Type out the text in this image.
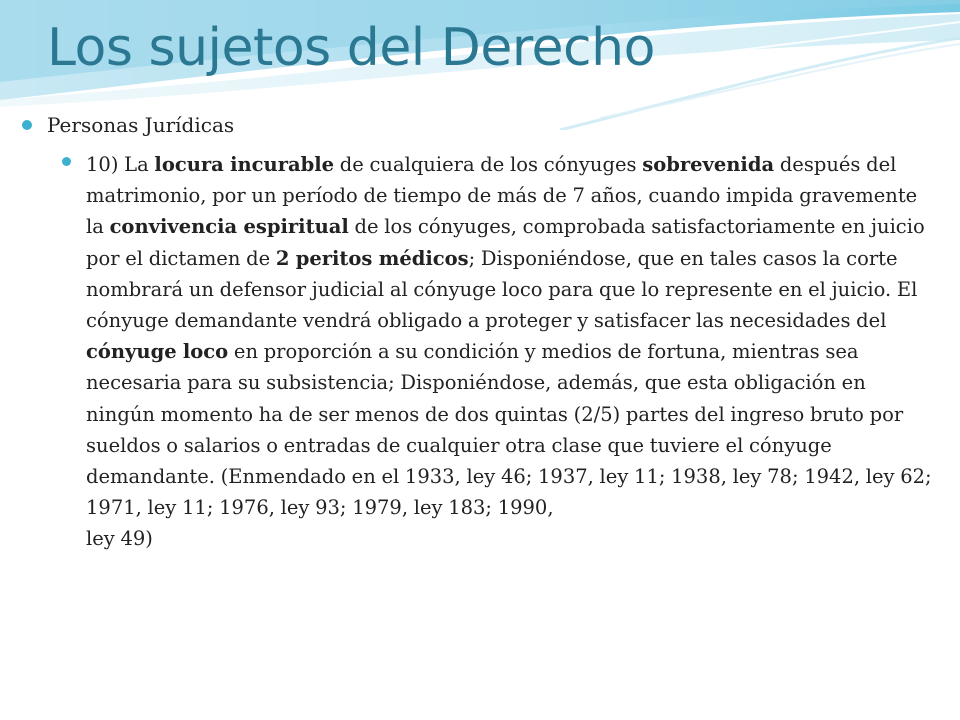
Los sujetos del Derecho

Personas Jurídicas

10) La locura incurable de cualquiera de los cónyuges sobrevenida después del matrimonio, por un período de tiempo de más de 7 años, cuando impida gravemente la convivencia espiritual de los cónyuges, comprobada satisfactoriamente en juicio por el dictamen de 2 peritos médicos; Disponiéndose, que en tales casos la corte nombrará un defensor judicial al cónyuge loco para que lo represente en el juicio. El cónyuge demandante vendrá obligado a proteger y satisfacer las necesidades del cónyuge loco en proporción a su condición y medios de fortuna, mientras sea necesaria para su subsistencia; Disponiéndose, además, que esta obligación en ningún momento ha de ser menos de dos quintas (2/5) partes del ingreso bruto por sueldos o salarios o entradas de cualquier otra clase que tuviere el cónyuge demandante. (Enmendado en el 1933, ley 46; 1937, ley 11; 1938, ley 78; 1942, ley 62; 1971, ley 11; 1976, ley 93; 1979, ley 183; 1990,
ley 49)
